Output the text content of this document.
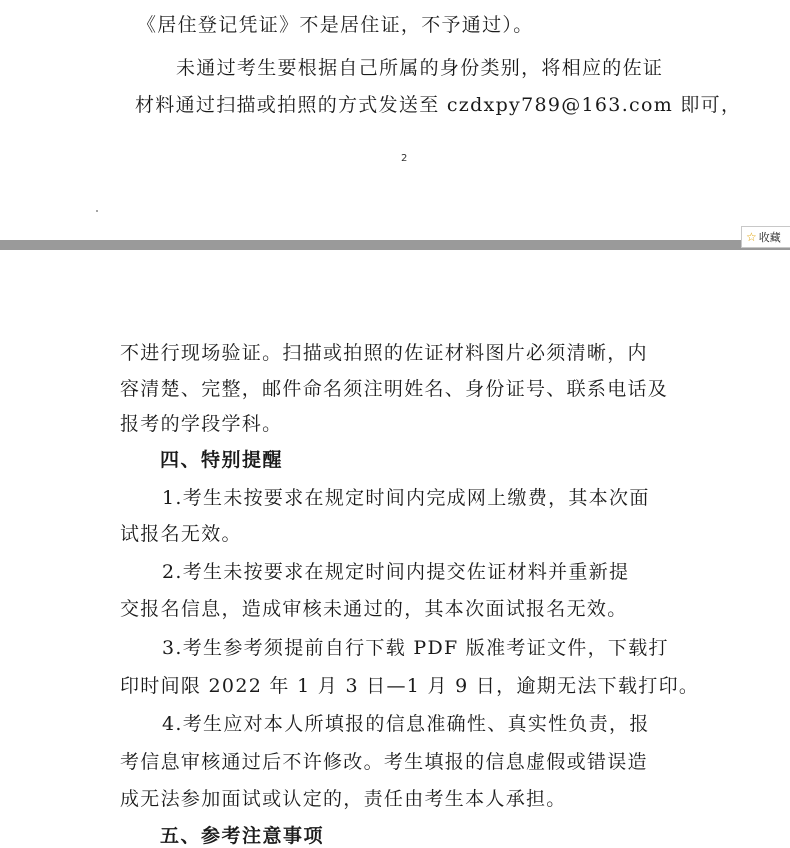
《居住登记凭证》不是居住证，不予通过）。
未通过考生要根据自己所属的身份类别，将相应的佐证
材料通过扫描或拍照的方式发送至 czdxpy789@163.com 即可，
2
☆ 收藏
不进行现场验证。扫描或拍照的佐证材料图片必须清晰，内
容清楚、完整，邮件命名须注明姓名、身份证号、联系电话及
报考的学段学科。
四、特别提醒
1.考生未按要求在规定时间内完成网上缴费，其本次面
试报名无效。
2.考生未按要求在规定时间内提交佐证材料并重新提
交报名信息，造成审核未通过的，其本次面试报名无效。
3.考生参考须提前自行下载 PDF 版准考证文件，下载打
印时间限 2022 年 1 月 3 日—1 月 9 日，逾期无法下载打印。
4.考生应对本人所填报的信息准确性、真实性负责，报
考信息审核通过后不许修改。考生填报的信息虚假或错误造
成无法参加面试或认定的，责任由考生本人承担。
五、参考注意事项
